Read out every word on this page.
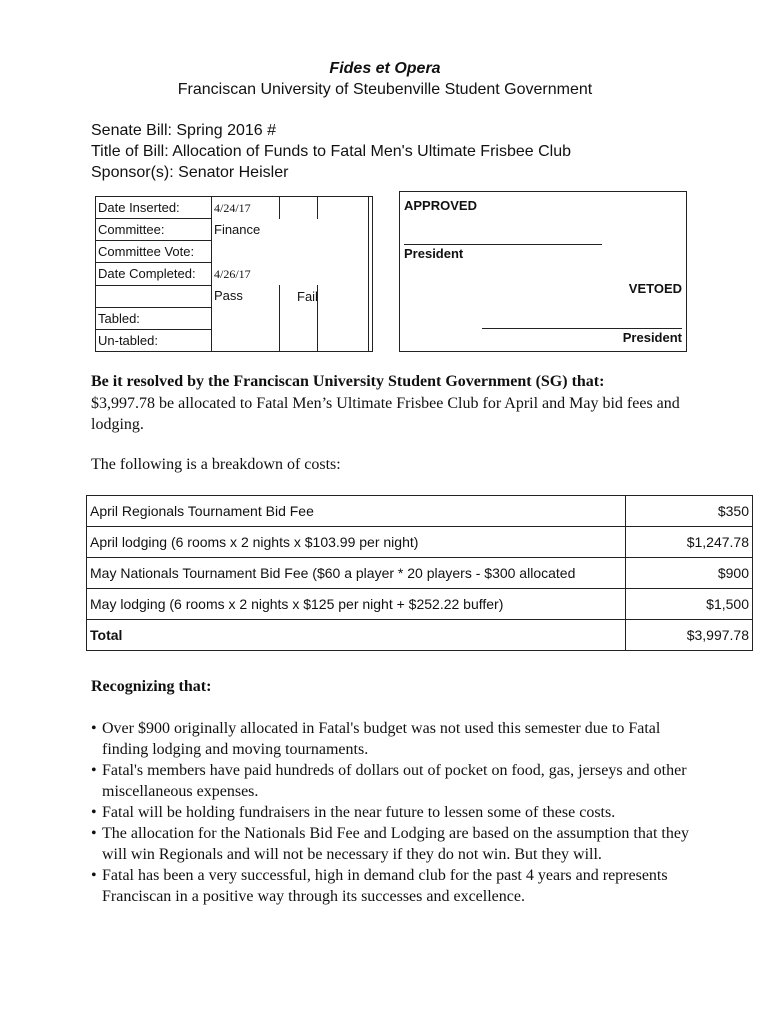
Fides et Opera
Franciscan University of Steubenville Student Government
Senate Bill: Spring 2016 #
Title of Bill: Allocation of Funds to Fatal Men's Ultimate Frisbee Club
Sponsor(s): Senator Heisler
Date Inserted:	4/24/17
Committee:	Finance
Committee Vote:
Date Completed: 4/26/17
Pass	Fail
Tabled:
Un-tabled:
APPROVED
President
VETOED
President
Be it resolved by the Franciscan University Student Government (SG) that:
$3,997.78 be allocated to Fatal Men’s Ultimate Frisbee Club for April and May bid fees and lodging.
The following is a breakdown of costs:
April Regionals Tournament Bid Fee	$350
April lodging (6 rooms x 2 nights x $103.99 per night)	$1,247.78
May Nationals Tournament Bid Fee ($60 a player * 20 players - $300 allocated	$900
May lodging (6 rooms x 2 nights x $125 per night + $252.22 buffer)	$1,500
Total	$3,997.78
Recognizing that:
• Over $900 originally allocated in Fatal's budget was not used this semester due to Fatal finding lodging and moving tournaments.
• Fatal's members have paid hundreds of dollars out of pocket on food, gas, jerseys and other miscellaneous expenses.
• Fatal will be holding fundraisers in the near future to lessen some of these costs.
• The allocation for the Nationals Bid Fee and Lodging are based on the assumption that they will win Regionals and will not be necessary if they do not win. But they will.
• Fatal has been a very successful, high in demand club for the past 4 years and represents Franciscan in a positive way through its successes and excellence.
